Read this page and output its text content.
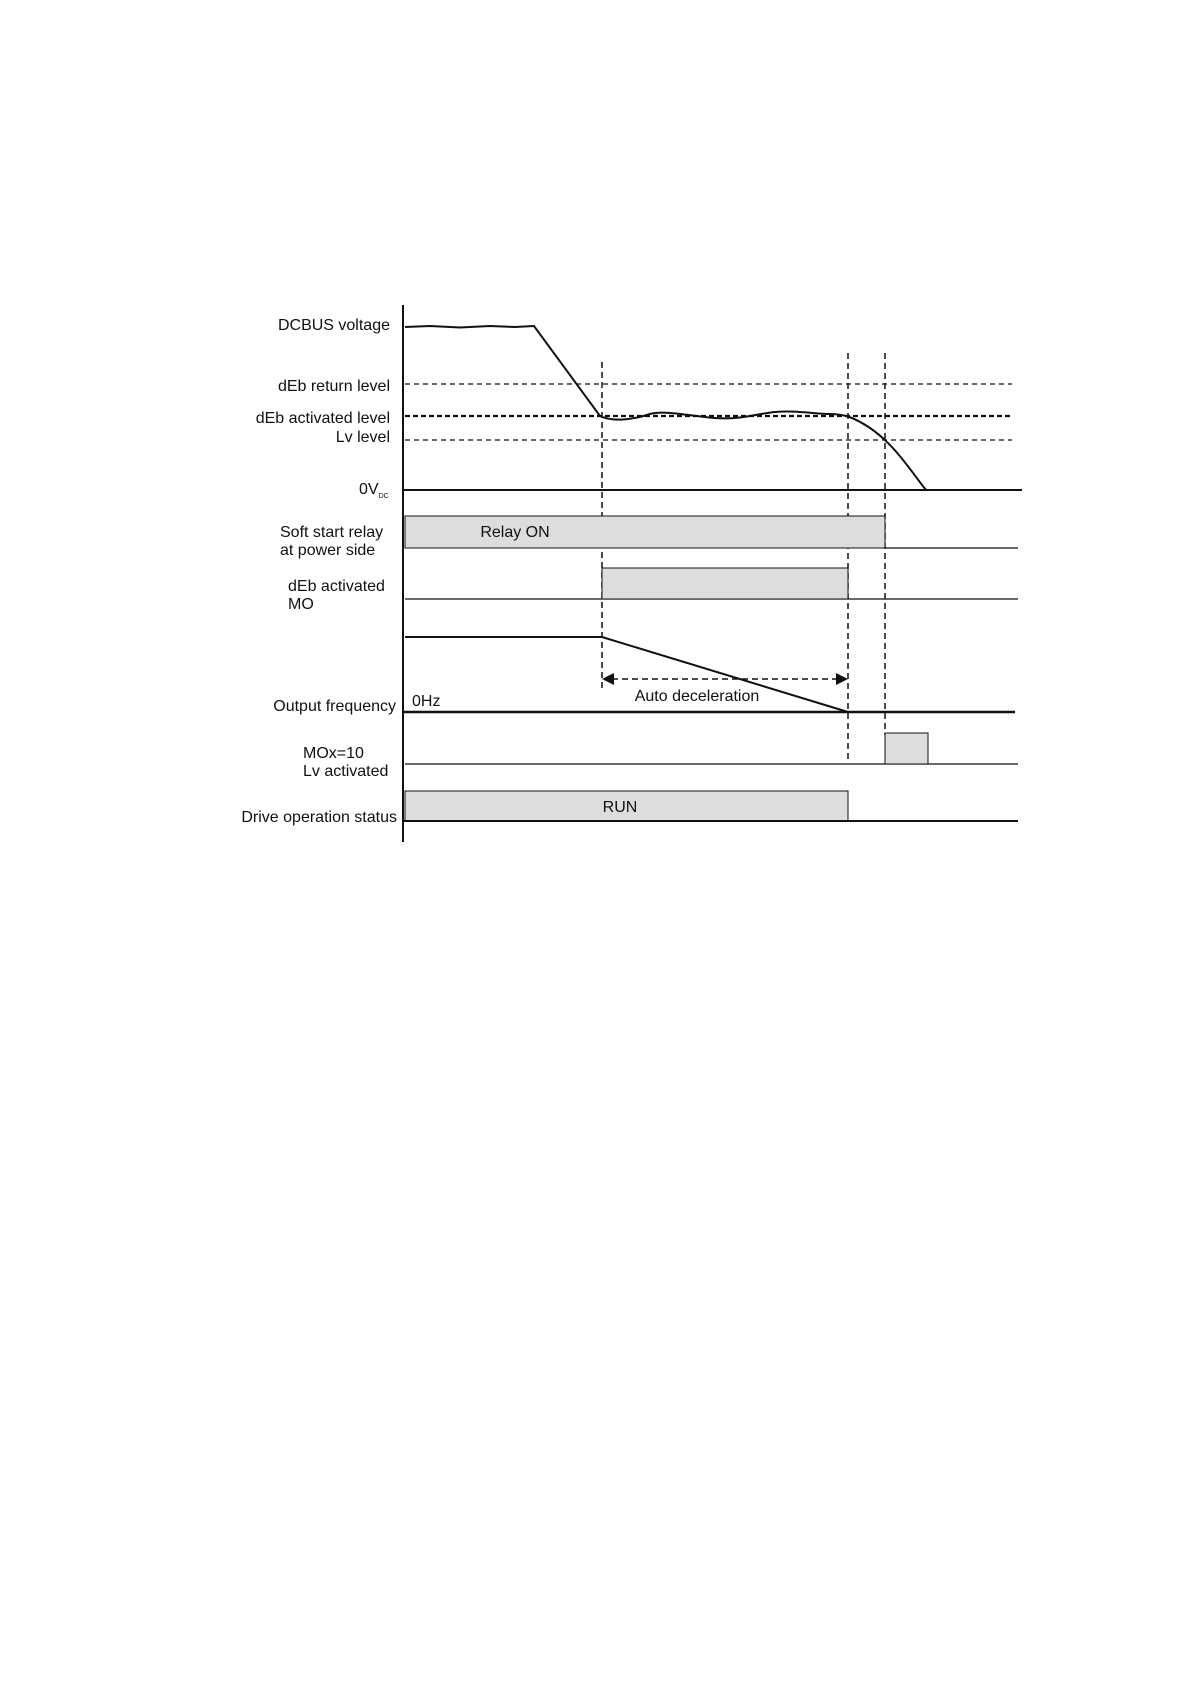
DCBUS voltage
dEb return level
dEb activated level
Lv level
$0V_{DC}$
Soft start relay
at power side
dEb activated
MO
Output frequency
MOx=10
Lv activated
Drive operation status
Relay ON
0Hz	Auto deceleration
RUN
